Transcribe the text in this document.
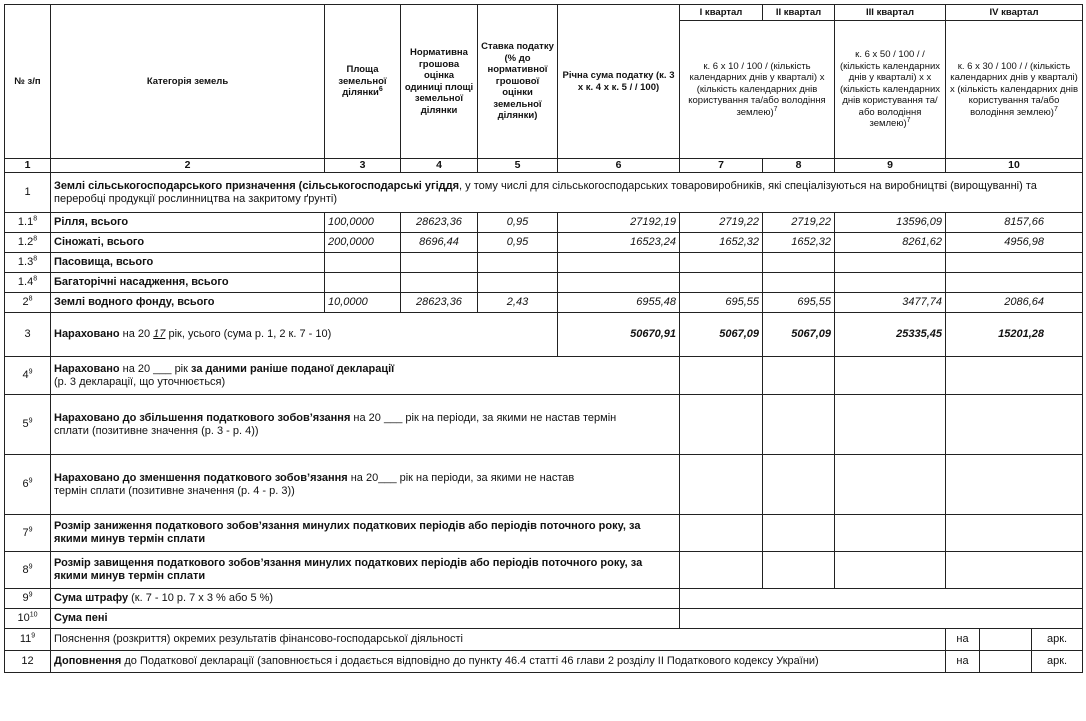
№ з/п	Категорія земель	Площа земельної ділянки$^6$	Нормативна грошова оцінка одиниці площі земельної ділянки	Ставка податку (% до нормативної грошової оцінки земельної ділянки)	Річна сума податку (к. 3 х к. 4 х к. 5 / / 100)	І квартал	ІІ квартал	ІІІ квартал	ІV квартал		
						к. 6 х 10 / 100 / (кількість календарних днів у кварталі) х (кількість календарних днів користування та/або володіння землею)$^7$		к. 6 х 50 / 100 / / (кількість календарних днів у кварталі) х х (кількість календарних днів користування та/або володіння землею)$^7$	к. 6 х 30 / 100 / / (кількість календарних днів у кварталі) х (кількість календарних днів користування та/або володіння землею)$^7$
1	2	3	4	5	6	7	8	9	10		
1	Землі сільськогосподарського призначення (сільськогосподарські угіддя, у тому числі для сільськогосподарських товаровиробників, які спеціалізуються на виробництві (вирощуванні) та переробці продукції рослинництва на закритому ґрунті)										
$1.1^8$	Рілля, всього	100,0000	28623,36	0,95	27192,19	2719,22	2719,22	13596,09	8157,66		
$1.2^8$	Сіножаті, всього	200,0000	8696,44	0,95	16523,24	1652,32	1652,32	8261,62	4956,98		
$1.3^8$	Пасовища, всього										
$1.4^8$	Багаторічні насадження, всього										
$2^8$	Землі водного фонду, всього	10,0000	28623,36	2,43	6955,48	695,55	695,55	3477,74	2086,64		
3	Нараховано на 20 17 рік, усього (сума р. 1, 2 к. 7 - 10)				50670,91	5067,09	5067,09	25335,45	15201,28		
$4^9$	Нараховано на 20 ___ рік за даними раніше поданої декларації
(р. 3 декларації, що уточнюється)										
$5^9$	Нараховано до збільшення податкового зобов’язання на 20 ___ рік на періоди, за якими не настав термін сплати (позитивне значення (р. 3 - р. 4))										
$6^9$	Нараховано до зменшення податкового зобов’язання на 20___ рік на періоди, за якими не настав термін сплати (позитивне значення (р. 4 - р. 3))										
$7^9$	Розмір заниження податкового зобов’язання минулих податкових періодів або періодів поточного року, за якими минув термін сплати										
$8^9$	Розмір завищення податкового зобов’язання минулих податкових періодів або періодів поточного року, за якими минув термін сплати										
$9^9$	Сума штрафу (к. 7 - 10 р. 7 х 3 % або 5 %)										
$10^{10}$	Сума пені										
$11^9$	Пояснення (розкриття) окремих результатів фінансово-господарської діяльності								на		арк.
12	Доповнення до Податкової декларації (заповнюється і додається відповідно до пункту 46.4 статті 46 глави 2 розділу ІІ Податкового кодексу України)								на		арк.
